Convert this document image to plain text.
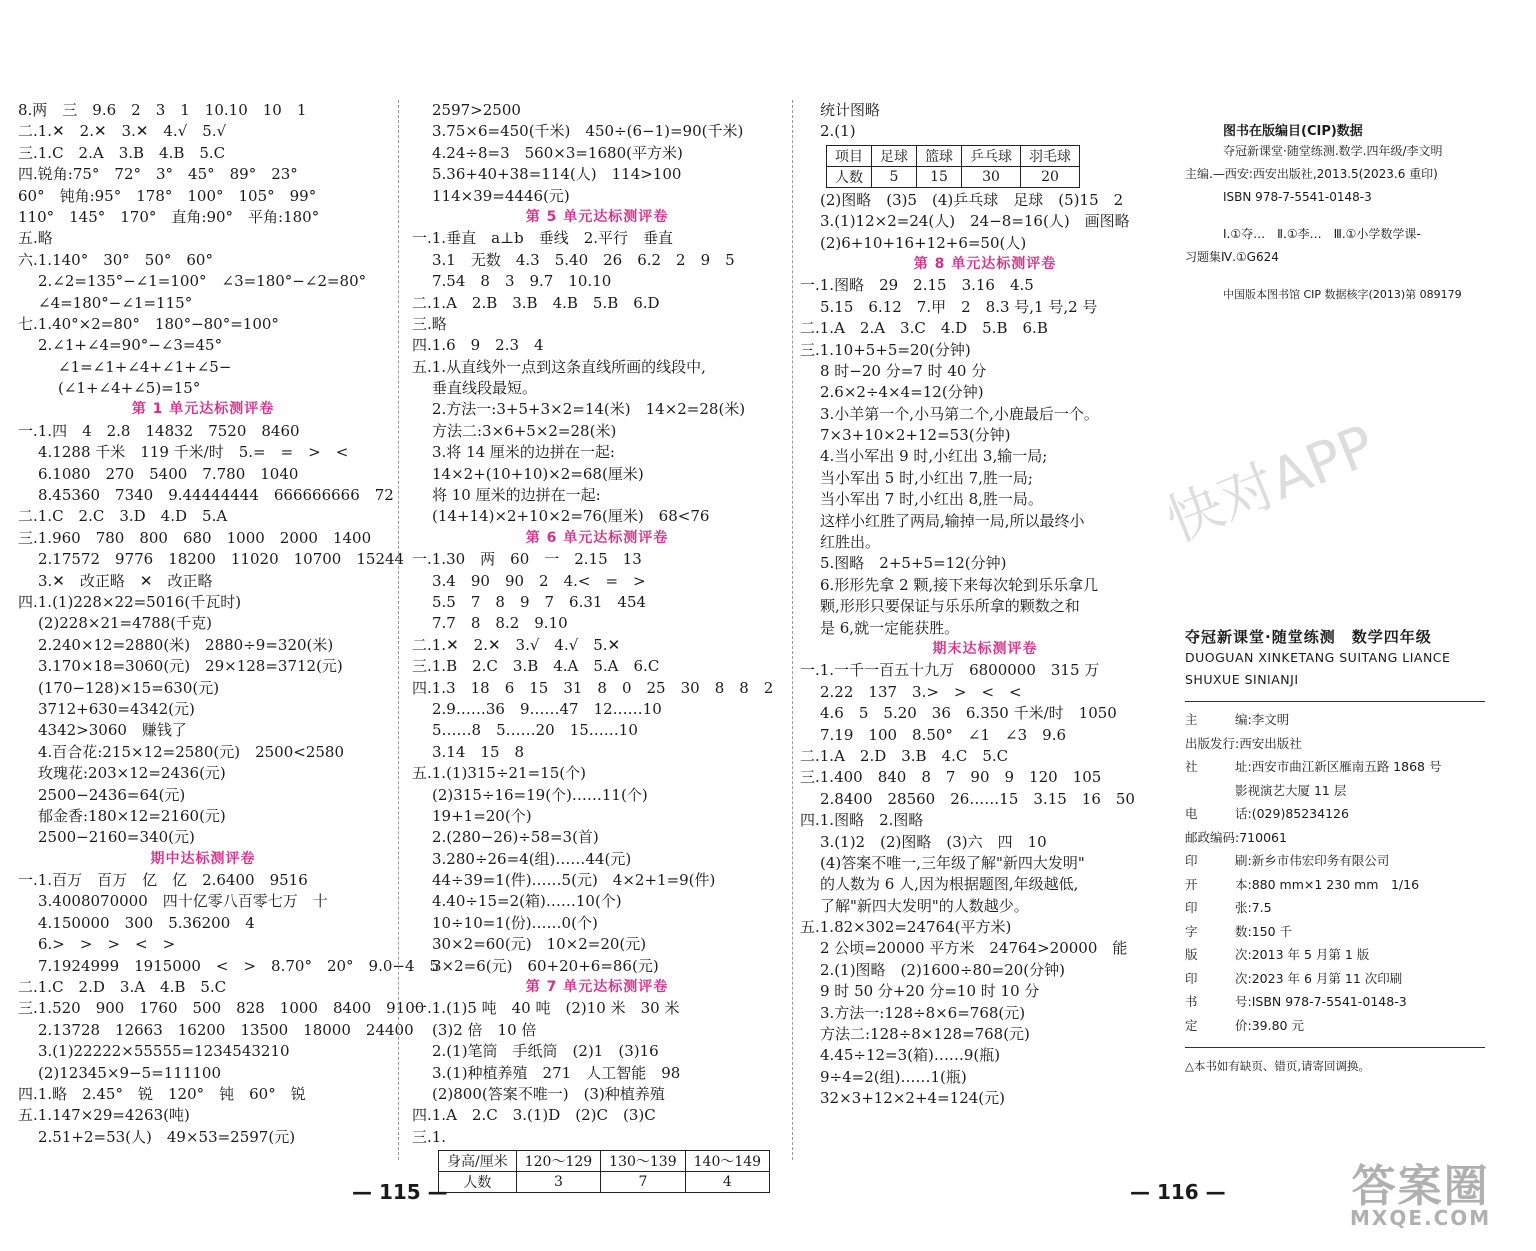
8.两　三　9.6　2　3　1　10.10　10　1
二.1.✕　2.✕　3.✕　4.√　5.√
三.1.C　2.A　3.B　4.B　5.C
四.锐角:75°　72°　3°　45°　89°　23°
60°　钝角:95°　178°　100°　105°　99°
110°　145°　170°　直角:90°　平角:180°
五.略
六.1.140°　30°　50°　60°
2.∠2=135°−∠1=100°　∠3=180°−∠2=80°
∠4=180°−∠1=115°
七.1.40°×2=80°　180°−80°=100°
2.∠1+∠4=90°−∠3=45°
∠1=∠1+∠4+∠1+∠5−
(∠1+∠4+∠5)=15°
第 1 单元达标测评卷
一.1.四　4　2.8　14832　7520　8460
4.1288 千米　119 千米/时　5.=　=　>　<
6.1080　270　5400　7.780　1040
8.45360　7340　9.44444444　666666666　72
二.1.C　2.C　3.D　4.D　5.A
三.1.960　780　800　680　1000　2000　1400
2.17572　9776　18200　11020　10700　15244
3.✕　改正略　✕　改正略
四.1.(1)228×22=5016(千瓦时)
(2)228×21=4788(千克)
2.240×12=2880(米)　2880÷9=320(米)
3.170×18=3060(元)　29×128=3712(元)
(170−128)×15=630(元)
3712+630=4342(元)
4342>3060　赚钱了
4.百合花:215×12=2580(元)　2500<2580
玫瑰花:203×12=2436(元)
2500−2436=64(元)
郁金香:180×12=2160(元)
2500−2160=340(元)
期中达标测评卷
一.1.百万　百万　亿　亿　2.6400　9516
3.4008070000　四十亿零八百零七万　十
4.150000　300　5.36200　4
6.>　>　>　<　>
7.1924999　1915000　<　>　8.70°　20°　9.0−4　5
二.1.C　2.D　3.A　4.B　5.C
三.1.520　900　1760　500　828　1000　8400　9100
2.13728　12663　16200　13500　18000　24400
3.(1)22222×55555=1234543210
(2)12345×9−5=111100
四.1.略　2.45°　锐　120°　钝　60°　锐
五.1.147×29=4263(吨)
2.51+2=53(人)　49×53=2597(元)
2597>2500
3.75×6=450(千米)　450÷(6−1)=90(千米)
4.24÷8=3　560×3=1680(平方米)
5.36+40+38=114(人)　114>100
114×39=4446(元)
第 5 单元达标测评卷
一.1.垂直　a⊥b　垂线　2.平行　垂直
3.1　无数　4.3　5.40　26　6.2　2　9　5
7.54　8　3　9.7　10.10
二.1.A　2.B　3.B　4.B　5.B　6.D
三.略
四.1.6　9　2.3　4
五.1.从直线外一点到这条直线所画的线段中,
垂直线段最短。
2.方法一:3+5+3×2=14(米)　14×2=28(米)
方法二:3×6+5×2=28(米)
3.将 14 厘米的边拼在一起:
14×2+(10+10)×2=68(厘米)
将 10 厘米的边拼在一起:
(14+14)×2+10×2=76(厘米)　68<76
第 6 单元达标测评卷
一.1.30　两　60　一　2.15　13
3.4　90　90　2　4.<　=　>
5.5　7　8　9　7　6.31　454
7.7　8　8.2　9.10
二.1.✕　2.✕　3.√　4.√　5.✕
三.1.B　2.C　3.B　4.A　5.A　6.C
四.1.3　18　6　15　31　8　0　25　30　8　8　2
2.9……36　9……47　12……10
5……8　5……20　15……10
3.14　15　8
五.1.(1)315÷21=15(个)
(2)315÷16=19(个)……11(个)
19+1=20(个)
2.(280−26)÷58=3(首)
3.280÷26=4(组)……44(元)
44÷39=1(件)……5(元)　4×2+1=9(件)
4.40÷15=2(箱)……10(个)
10÷10=1(份)……0(个)
30×2=60(元)　10×2=20(元)
3×2=6(元)　60+20+6=86(元)
第 7 单元达标测评卷
一.1.(1)5 吨　40 吨　(2)10 米　30 米
(3)2 倍　10 倍
2.(1)笔筒　手纸筒　(2)1　(3)16
3.(1)种植养殖　271　人工智能　98
(2)800(答案不唯一)　(3)种植养殖
四.1.A　2.C　3.(1)D　(2)C　(3)C
三.1.
身高/厘米	120～129	130～139	140～149
人数	3	7	4
统计图略
2.(1)
项目	足球	篮球	乒乓球	羽毛球
人数	5	15	30	20
(2)图略　(3)5　(4)乒乓球　足球　(5)15　2
3.(1)12×2=24(人)　24−8=16(人)　画图略
(2)6+10+16+12+6=50(人)
第 8 单元达标测评卷
一.1.图略　29　2.15　3.16　4.5
5.15　6.12　7.甲　2　8.3 号,1 号,2 号
二.1.A　2.A　3.C　4.D　5.B　6.B
三.1.10+5+5=20(分钟)
8 时−20 分=7 时 40 分
2.6×2÷4×4=12(分钟)
3.小羊第一个,小马第二个,小鹿最后一个。
7×3+10×2+12=53(分钟)
4.当小军出 9 时,小红出 3,输一局;
当小军出 5 时,小红出 7,胜一局;
当小军出 7 时,小红出 8,胜一局。
这样小红胜了两局,输掉一局,所以最终小
红胜出。
5.图略　2+5+5=12(分钟)
6.形形先拿 2 颗,接下来每次轮到乐乐拿几
颗,形形只要保证与乐乐所拿的颗数之和
是 6,就一定能获胜。
期末达标测评卷
一.1.一千一百五十九万　6800000　315 万
2.22　137　3.>　>　<　<
4.6　5　5.20　36　6.350 千米/时　1050
7.19　100　8.50°　∠1　∠3　9.6
二.1.A　2.D　3.B　4.C　5.C
三.1.400　840　8　7　90　9　120　105
2.8400　28560　26……15　3.15　16　50
四.1.图略　2.图略
3.(1)2　(2)图略　(3)六　四　10
(4)答案不唯一,三年级了解"新四大发明"
的人数为 6 人,因为根据题图,年级越低,
了解"新四大发明"的人数越少。
五.1.82×302=24764(平方米)
2 公顷=20000 平方米　24764>20000　能
2.(1)图略　(2)1600÷80=20(分钟)
9 时 50 分+20 分=10 时 10 分
3.方法一:128÷8×6=768(元)
方法二:128÷8×128=768(元)
4.45÷12=3(箱)……9(瓶)
9÷4=2(组)……1(瓶)
32×3+12×2+4=124(元)
图书在版编目(CIP)数据
夺冠新课堂·随堂练测.数学.四年级/李文明
主编.—西安:西安出版社,2013.5(2023.6 重印)
ISBN 978-7-5541-0148-3
Ⅰ.①夺…　Ⅱ.①李…　Ⅲ.①小学数学课-
习题集Ⅳ.①G624
中国版本图书馆 CIP 数据核字(2013)第 089179
夺冠新课堂·随堂练测　数学四年级
DUOGUAN XINKETANG SUITANG LIANCE
SHUXUE SINIANJI
主	编:李文明
出版发行 :西安出版社
社	址:西安市曲江新区雁南五路 1868 号
影视演艺大厦 11 层
电	话:(029)85234126
邮政编码 :710061
印	刷:新乡市伟宏印务有限公司
开	本:880 mm×1 230 mm　1/16
印	张:7.5
字	数:150 千
版	次:2013 年 5 月第 1 版
印	次:2023 年 6 月第 11 次印刷
书	号:ISBN 978-7-5541-0148-3
定	价:39.80 元
△本书如有缺页、错页,请寄回调换。
— 115 —	— 116 —
快对APP
答案圈
MXQE.COM
